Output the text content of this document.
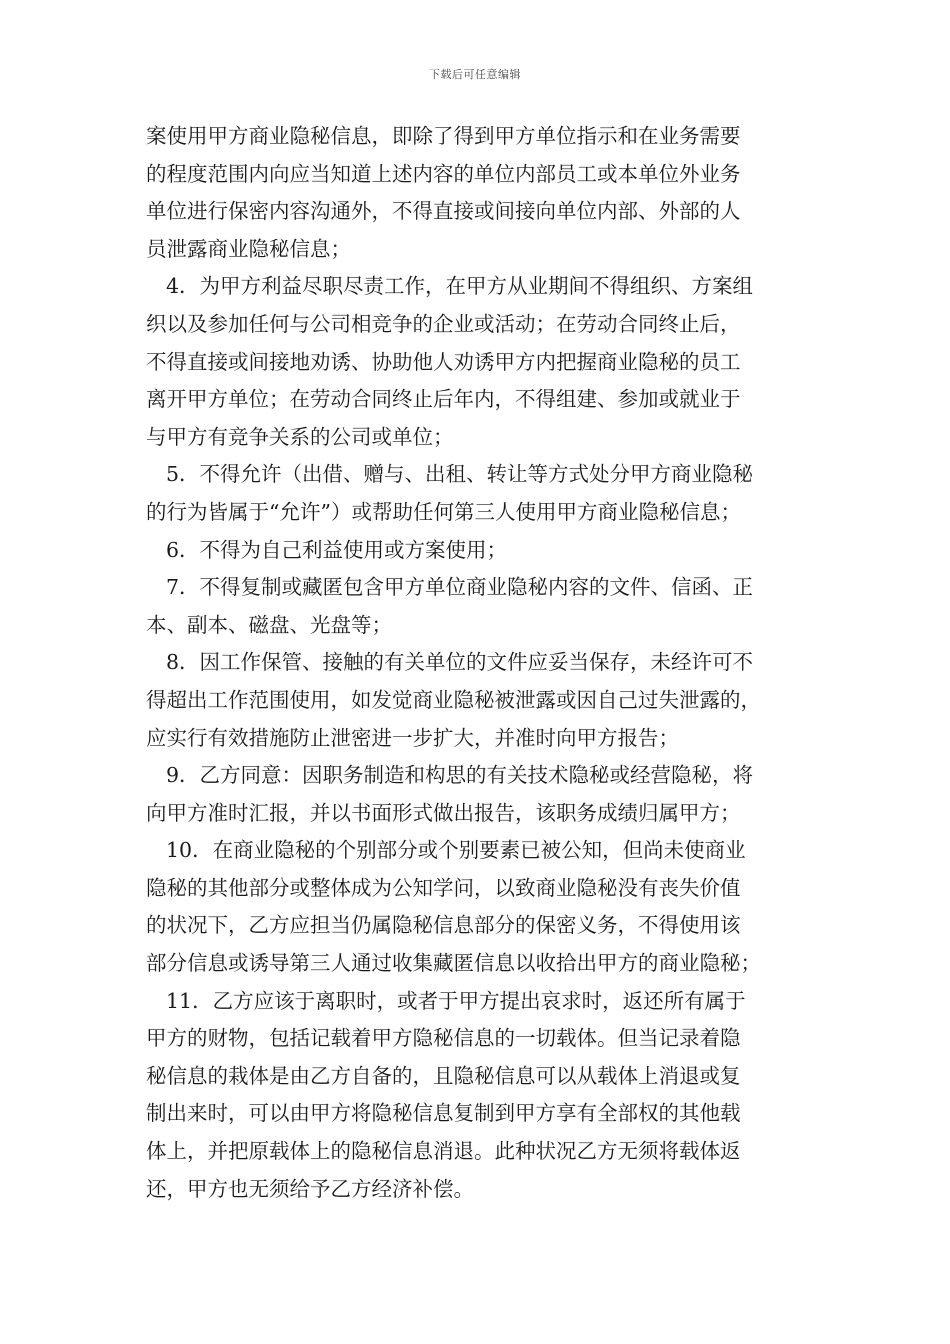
下载后可任意编辑
案使用甲方商业隐秘信息，即除了得到甲方单位指示和在业务需要
的程度范围内向应当知道上述内容的单位内部员工或本单位外业务
单位进行保密内容沟通外，不得直接或间接向单位内部、外部的人
员泄露商业隐秘信息；
4．为甲方利益尽职尽责工作，在甲方从业期间不得组织、方案组
织以及参加任何与公司相竞争的企业或活动；在劳动合同终止后，
不得直接或间接地劝诱、协助他人劝诱甲方内把握商业隐秘的员工
离开甲方单位；在劳动合同终止后年内，不得组建、参加或就业于
与甲方有竞争关系的公司或单位；
5．不得允许（出借、赠与、出租、转让等方式处分甲方商业隐秘
的行为皆属于“允许”）或帮助任何第三人使用甲方商业隐秘信息；
6．不得为自己利益使用或方案使用；
7．不得复制或藏匿包含甲方单位商业隐秘内容的文件、信函、正
本、副本、磁盘、光盘等；
8．因工作保管、接触的有关单位的文件应妥当保存，未经许可不
得超出工作范围使用，如发觉商业隐秘被泄露或因自己过失泄露的，
应实行有效措施防止泄密进一步扩大，并准时向甲方报告；
9．乙方同意：因职务制造和构思的有关技术隐秘或经营隐秘，将
向甲方准时汇报，并以书面形式做出报告，该职务成绩归属甲方；
10．在商业隐秘的个别部分或个别要素已被公知，但尚未使商业
隐秘的其他部分或整体成为公知学问，以致商业隐秘没有丧失价值
的状况下，乙方应担当仍属隐秘信息部分的保密义务，不得使用该
部分信息或诱导第三人通过收集藏匿信息以收拾出甲方的商业隐秘；
11．乙方应该于离职时，或者于甲方提出哀求时，返还所有属于
甲方的财物，包括记载着甲方隐秘信息的一切载体。但当记录着隐
秘信息的栽体是由乙方自备的，且隐秘信息可以从载体上消退或复
制出来时，可以由甲方将隐秘信息复制到甲方享有全部权的其他载
体上，并把原载体上的隐秘信息消退。此种状况乙方无须将载体返
还，甲方也无须给予乙方经济补偿。
